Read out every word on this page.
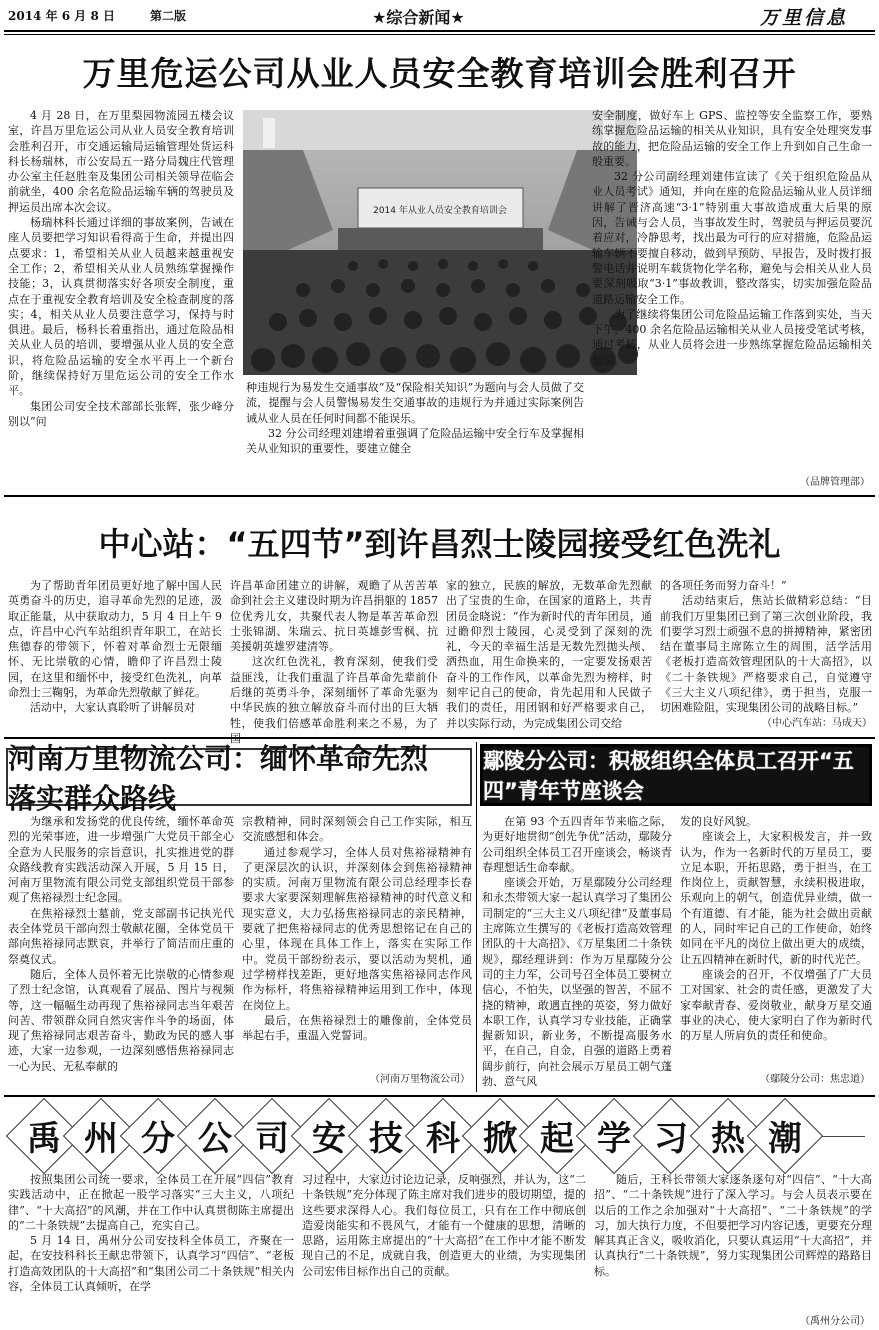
2014 年 6 月 8 日	第二版	★综合新闻★	万里信息
万里危运公司从业人员安全教育培训会胜利召开

4 月 28 日，在万里梨园物流园五楼会议室，许昌万里危运公司从业人员安全教育培训会胜利召开，市交通运输局运输管理处货运科科长杨瑞林，市公安局五一路分局魏庄代管理办公室主任赵胜奎及集团公司相关领导莅临会前就坐，400 余名危险品运输车辆的驾驶员及押运员出席本次会议。

杨瑞林科长通过详细的事故案例，告诫在座人员要把学习知识看得高于生命，并提出四点要求：1，希望相关从业人员越来越重视安全工作；2，希望相关从业人员熟练掌握操作技能；3，认真贯彻落实好各项安全制度，重点在于重视安全教育培训及安全检查制度的落实；4，相关从业人员要注意学习，保持与时俱进。最后，杨科长着重指出，通过危险品相关从业人员的培训，要增强从业人员的安全意识，将危险品运输的安全水平再上一个新台阶，继续保持好万里危运公司的安全工作水平。

集团公司安全技术部部长张辉，张少峰分别以“问

2014 年从业人员安全教育培训会

种违规行为易发生交通事故”及“保险相关知识”为题向与会人员做了交流，提醒与会人员警惕易发生交通事故的违规行为并通过实际案例告诫从业人员在任何时间都不能误乐。

32 分公司经理刘建增着重强调了危险品运输中安全行车及掌握相关从业知识的重要性，要建立健全

安全制度，做好车上 GPS、监控等安全监察工作，要熟练掌握危险品运输的相关从业知识，具有安全处理突发事故的能力，把危险品运输的安全工作上升到如自己生命一般重要。

32 分公司副经理刘建伟宣读了《关于组织危险品从业人员考试》通知，并向在座的危险品运输从业人员详细讲解了晋济高速“3·1”特别重大事故造成重大后果的原因，告诫与会人员，当事故发生时，驾驶员与押运员要沉着应对，冷静思考，找出最为可行的应对措施，危险品运输车辆不要擅自移动，做到早预防、早报告，及时拨打报警电话并说明车载货物化学名称，避免与会相关从业人员要深刻吸取“3·1”事故教训，整改落实，切实加强危险品道路运输安全工作。

为了继续将集团公司危险品运输工作落到实处，当天下午，400 余名危险品运输相关从业人员接受笔试考核，通过考核，从业人员将会进一步熟练掌握危险品运输相关知识。

（品牌管理部）
中心站：“五四节”到许昌烈士陵园接受红色洗礼

为了帮助青年团员更好地了解中国人民英勇奋斗的历史，追寻革命先烈的足迹，汲取正能量，从中获取动力，5 月 4 日上午 9 点，许昌中心汽车站组织青年职工，在站长焦德春的带领下，怀着对革命烈士无限缅怀、无比崇敬的心情，瞻仰了许昌烈士陵园，在这里和缅怀中，接受红色洗礼，向革命烈士三鞠躬，为革命先烈敬献了鲜花。

活动中，大家认真聆听了讲解员对

许昌革命团建立的讲解，观瞻了从苦苦革命到社会主义建设时期为许昌捐躯的 1857 位优秀儿女，共聚代表人物是革苦革命烈士张锦湖、朱瑞云、抗日英雄彭雪枫、抗美援朝英雄罗建清等。

这次红色洗礼，教育深刻，使我们受益匪浅，让我们重温了许昌革命先辈前仆后继的英勇斗争，深刻缅怀了革命先驱为中华民族的独立解放奋斗而付出的巨大牺牲，使我们倍感革命胜利来之不易，为了国

家的独立，民族的解放，无数革命先烈献出了宝贵的生命，在国家的道路上，共青团员金晓说：“作为新时代的青年团员，通过瞻仰烈士陵园，心灵受到了深刻的洗礼，今天的幸福生活是无数先烈拋头颅、洒热血，用生命换来的，一定要发扬艰苦奋斗的工作作风，以革命先烈为榜样，时刻牢记自己的使命，肯先起用和人民做子我们的责任，用团钢和好严格要求自己，并以实际行动，为完成集团公司交给

的各项任务而努力奋斗！”

活动结束后，焦站长做精彩总结：“目前我们万里集团已到了第三次创业阶段，我们要学习烈士顽强不息的拼搏精神，紧密团结在董事局主席陈立生的周围，活学活用《老板打造高效管理团队的十大高招》，以《二十条铁规》严格要求自己，自觉遵守《三大主义八项纪律》，勇于担当，克服一切困难险阻，实现集团公司的战略目标。”

（中心汽车站：马成天）

河南万里物流公司：缅怀革命先烈　落实群众路线

为继承和发扬党的优良传统，缅怀革命英烈的光荣事迹，进一步增强广大党员干部全心全意为人民服务的宗旨意识，扎实推进党的群众路线教育实践活动深入开展，5 月 15 日，河南万里物流有限公司党支部组织党员干部参观了焦裕禄烈士纪念园。

在焦裕禄烈士墓前，党支部副书记执光代表全体党员干部向烈士敬献花圈，全体党员干部向焦裕禄同志默哀，并举行了简洁而庄重的祭奠仪式。

随后，全体人员怀着无比崇敬的心情参观了烈士纪念馆，认真观看了展品、图片与视频等，这一幅幅生动再现了焦裕禄同志当年艰苦问苦、带领群众同自然灾害作斗争的场面，体现了焦裕禄同志艰苦奋斗，勤政为民的感人事迹，大家一边参观，一边深刻感悟焦裕禄同志一心为民、无私奉献的

宗教精神，同时深刻领会自己工作实际，相互交流感想和体会。

通过参观学习，全体人员对焦裕禄精神有了更深层次的认识，并深刻体会到焦裕禄精神的实质。河南万里物流有限公司总经理李长春要求大家要深刻理解焦裕禄精神的时代意义和现实意义，大力弘扬焦裕禄同志的亲民精神，要就了把焦裕禄同志的优秀思想铭记在自己的心里，体现在具体工作上，落实在实际工作中。党员干部纷纷表示，要以活动为契机，通过学榜样找差距，更好地落实焦裕禄同志作风作为标杆，将焦裕禄精神运用到工作中，体现在岗位上。

最后，在焦裕禄烈士的雕像前，全体党员举起右手，重温入党誓词。

（河南万里物流公司）
鄢陵分公司：积极组织全体员工召开“五四”青年节座谈会

在第 93 个五四青年节来临之际，为更好地贯彻“创先争优”活动，鄢陵分公司组织全体员工召开座谈会，畅谈青春理想话生命奉献。

座谈会开始，万星鄢陵分公司经理和永杰带领大家一起认真学习了集团公司制定的“三大主义八项纪律”及董事局主席陈立生撰写的《老板打造高效管理团队的十大高招》、《万星集团二十条铁规》，鄢经理讲到：作为万星鄢陵分公司的主力军，公司号召全体员工要树立信心，不怕失，以坚强的智苦，不屈不挠的精神，敢遇直挫的英姿，努力做好本职工作，认真学习专业技能，正确掌握新知识，新业务，不断提高服务水平，在自己，自金，自强的道路上勇着阔步前行，向社会展示万星员工朝气蓬勃、意气风

发的良好风貌。

座谈会上，大家积极发言，并一致认为，作为一名新时代的万星员工，要立足本职，开拓思路，勇于担当，在工作岗位上，贡献智慧，永续积极进取，乐观向上的朝气，创造优异业绩，做一个有道德、有才能，能为社会做出贡献的人，同时牢记自己的工作使命，始终如同在平凡的岗位上做出更大的成绩，让五四精神在新时代，新的时代光芒。

座谈会的召开，不仅增强了广大员工对国家、社会的责任感，更激发了大家奉献青春、爱岗敬业，献身万星交通事业的决心，使大家明白了作为新时代的万星人所肩负的责任和使命。

（鄢陵分公司：焦忠道）
禹 州 分 公 司 安 技 科 掀 起 学 习 热 潮

按照集团公司统一要求，全体员工在开展“四信”教育实践活动中，正在掀起一股学习落实“三大主义，八项纪律”、“十大高招”的风潮，并在工作中认真贯彻陈主席提出的“二十条铁规”去提高自己，充实自己。

5 月 14 日，禹州分公司安技科全体员工，齐聚在一起，在安技科科长王献忠带领下，认真学习“四信”、“老板打造高效团队的十大高招”和“集团公司二十条铁规”相关内容，全体员工认真倾听，在学

习过程中，大家边讨论边记录，反响强烈，并认为，这“二十条铁规”充分体现了陈主席对我们进步的殷切期望，提的这些要求深得人心。我们每位员工，只有在工作中彻底创造爱岗能实和不畏风气，才能有一个健康的思想，清晰的思路，运用陈主席提出的“十大高招”在工作中才能不断发现自己的不足，成就自我，创造更大的业绩，为实现集团公司宏伟目标作出自己的贡献。

随后，王科长带领大家逐条逐句对“四信”、“十大高招”、“二十条铁规”进行了深入学习。与会人员表示要在以后的工作之余加强对“十大高招”、“二十条铁规”的学习，加大执行力度，不但要把学习内容记透，更要充分理解其真正含义，吸收消化，只要认真运用“十大高招”，并认真执行“二十条铁规”，努力实现集团公司辉煌的路路目标。

（禹州分公司）
